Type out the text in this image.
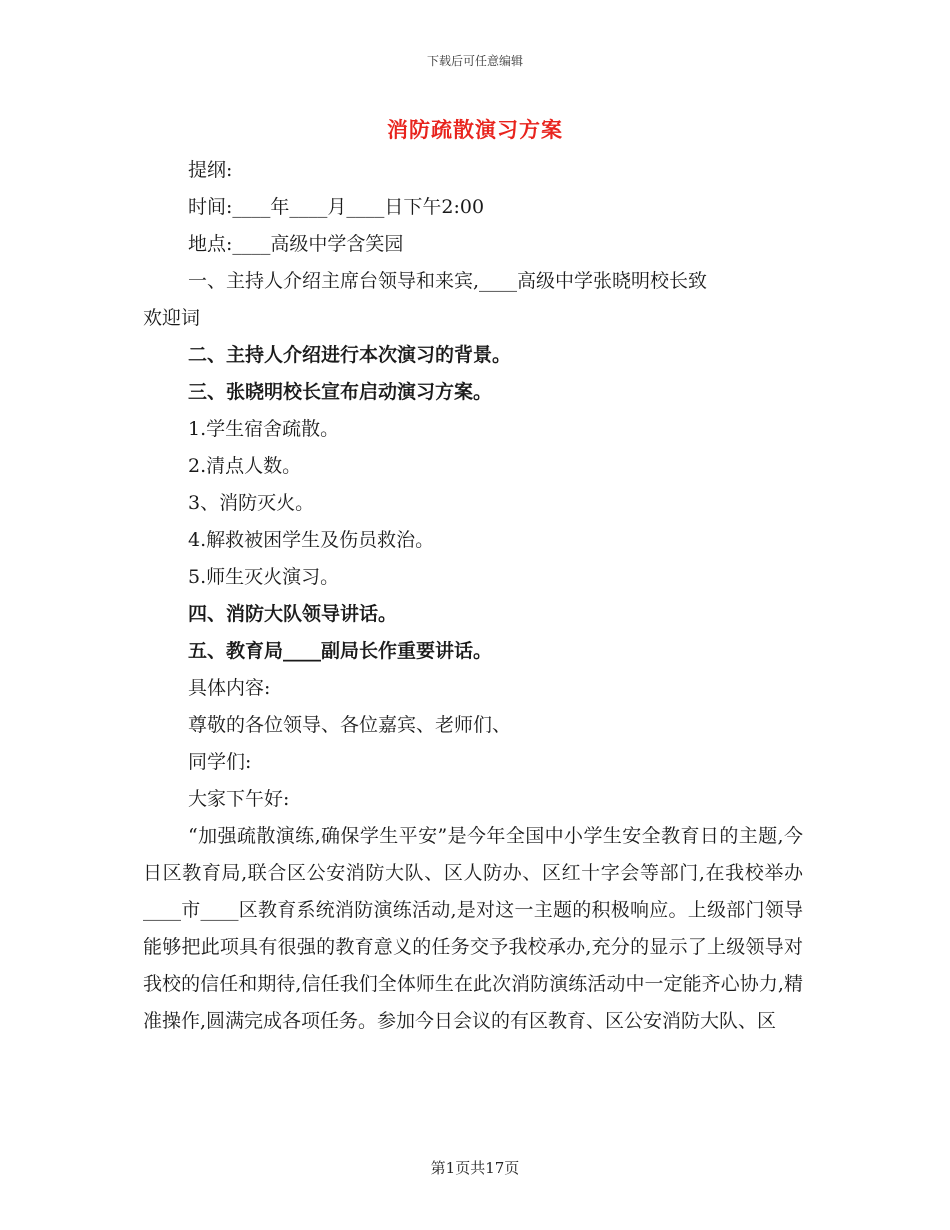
下载后可任意编辑
消防疏散演习方案
提纲:
时间:____年____月____日下午2:00
地点:____高级中学含笑园
一、主持人介绍主席台领导和来宾,____高级中学张晓明校长致
欢迎词
二、主持人介绍进行本次演习的背景。
三、张晓明校长宣布启动演习方案。
1.学生宿舍疏散。
2.清点人数。
3、消防灭火。
4.解救被困学生及伤员救治。
5.师生灭火演习。
四、消防大队领导讲话。
五、教育局____副局长作重要讲话。
具体内容:
尊敬的各位领导、各位嘉宾、老师们、
同学们:
大家下午好:
“加强疏散演练,确保学生平安”是今年全国中小学生安全教育日的主题,今日区教育局,联合区公安消防大队、区人防办、区红十字会等部门,在我校举办____市____区教育系统消防演练活动,是对这一主题的积极响应。上级部门领导能够把此项具有很强的教育意义的任务交予我校承办,充分的显示了上级领导对我校的信任和期待,信任我们全体师生在此次消防演练活动中一定能齐心协力,精准操作,圆满完成各项任务。参加今日会议的有区教育、区公安消防大队、区
第1页共17页
